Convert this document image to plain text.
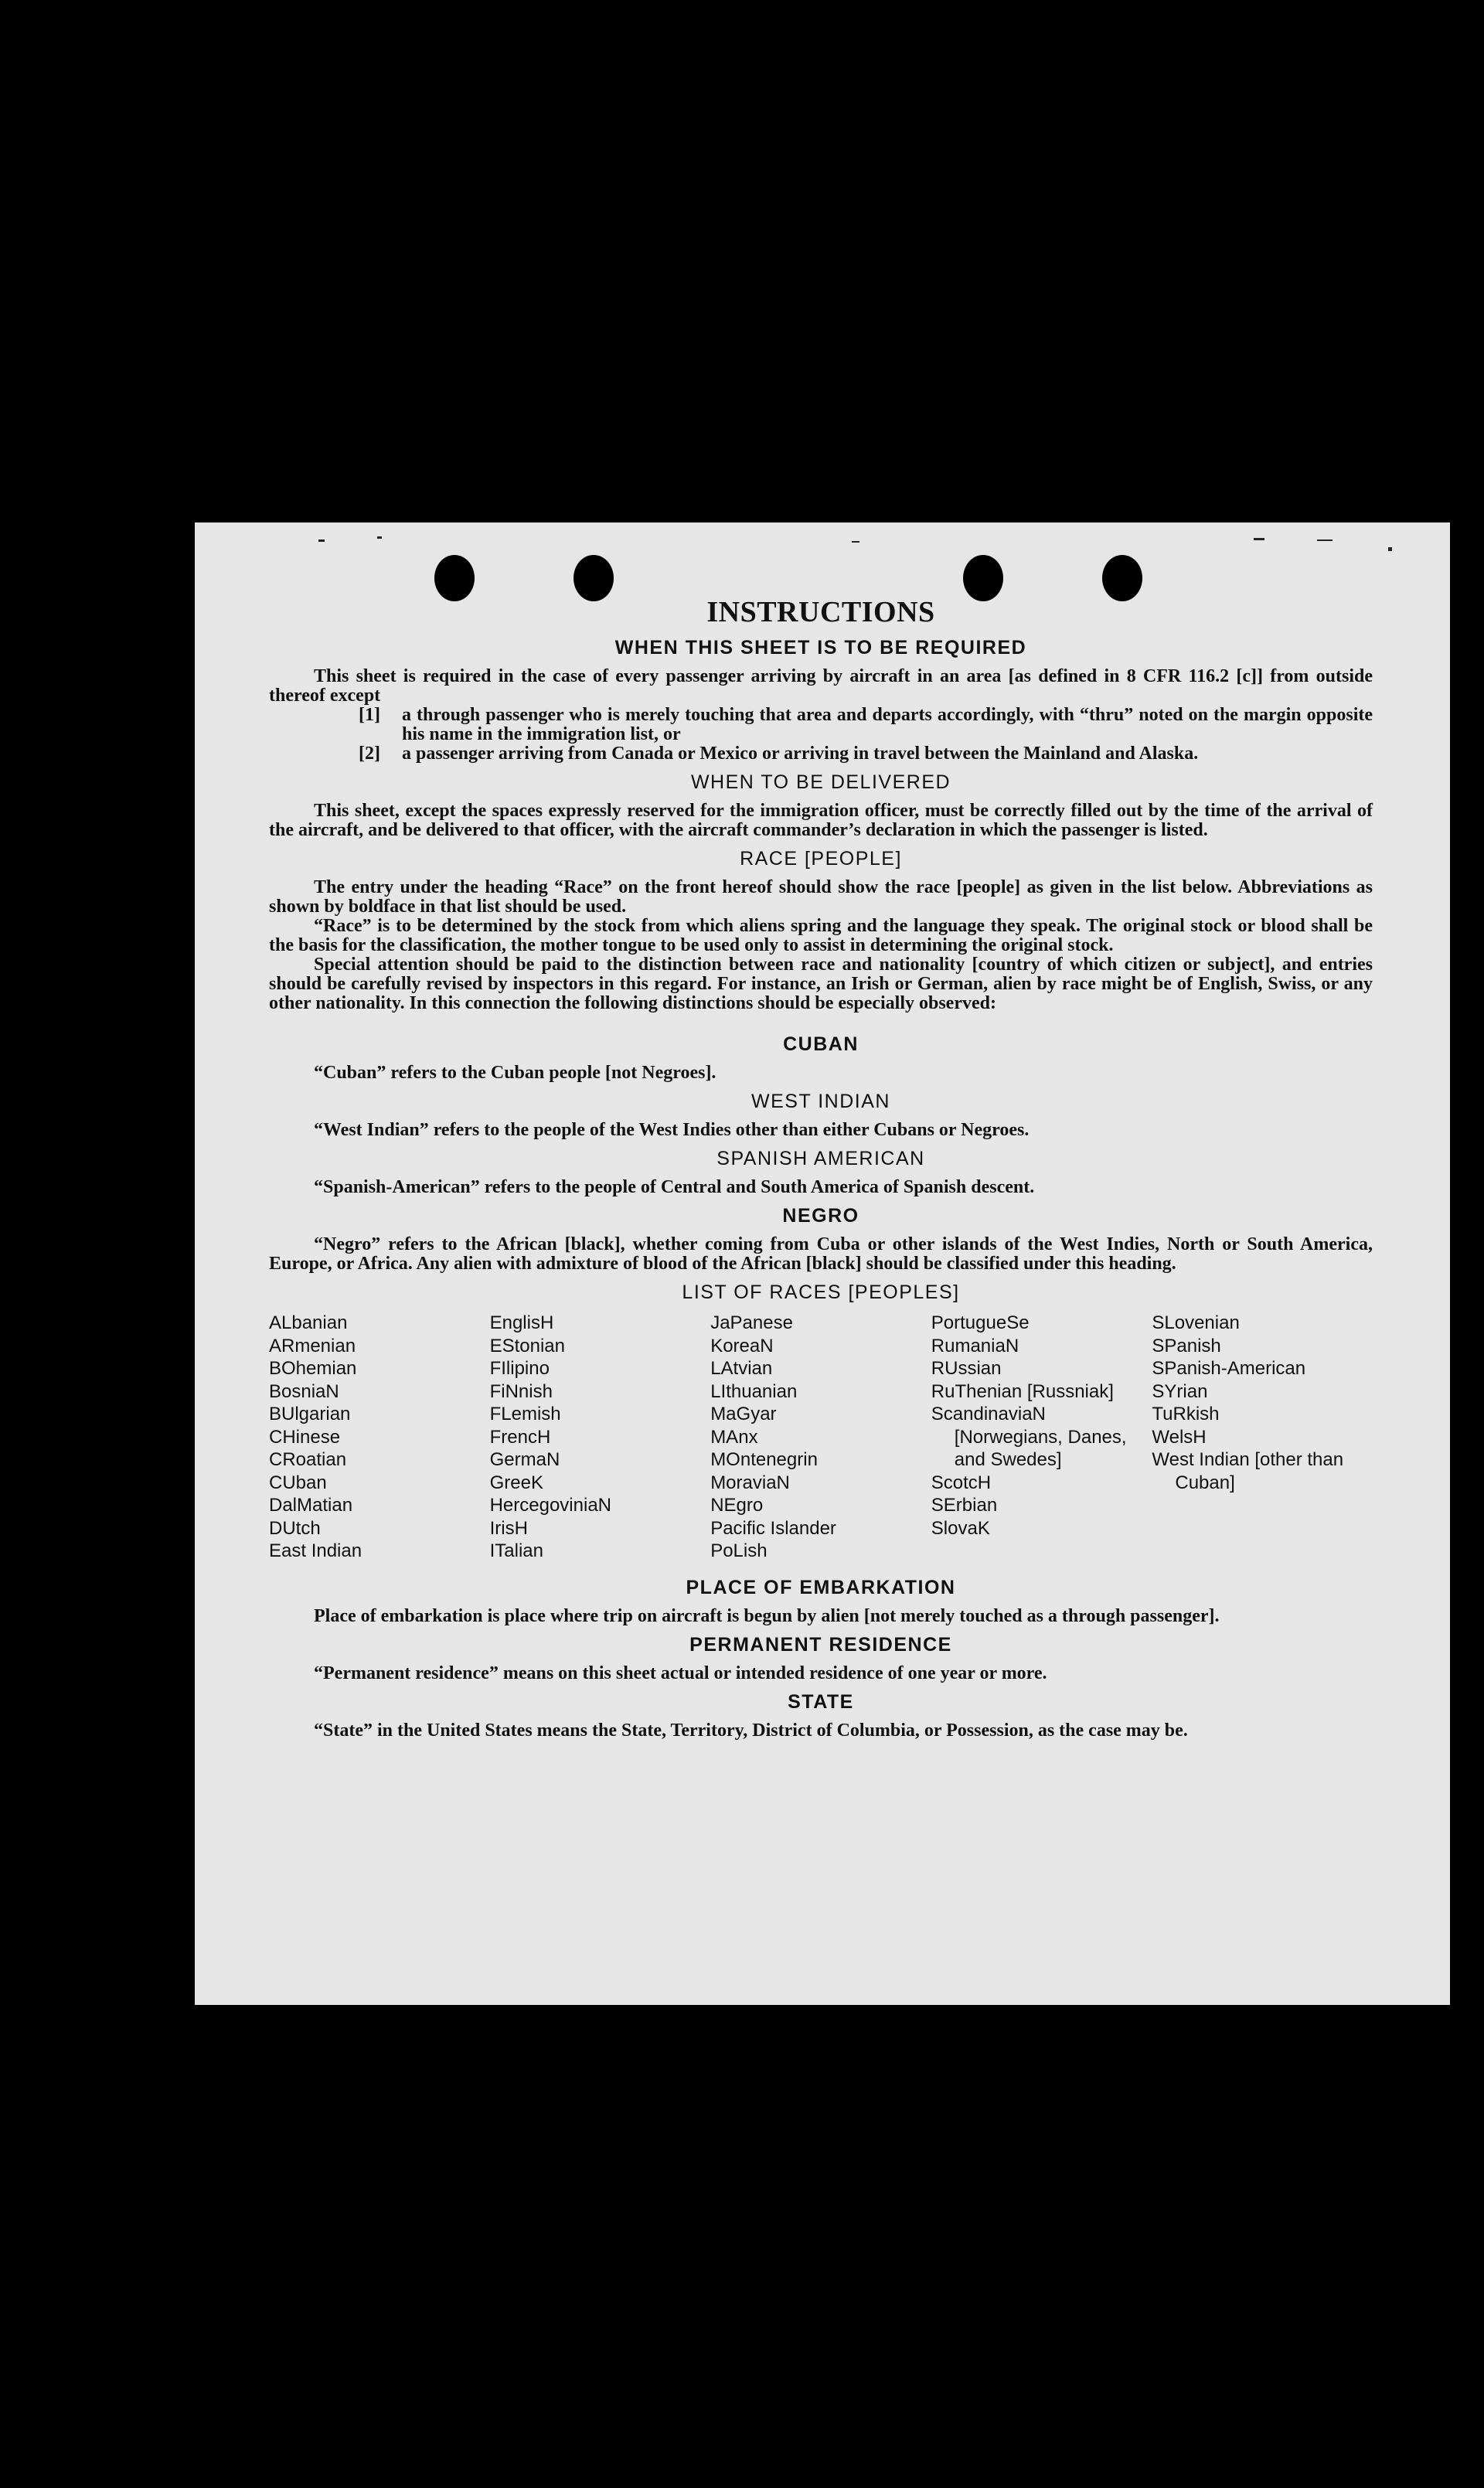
INSTRUCTIONS
WHEN THIS SHEET IS TO BE REQUIRED

This sheet is required in the case of every passenger arriving by aircraft in an area [as defined in 8 CFR 116.2 [c]] from outside thereof except

[1] a through passenger who is merely touching that area and departs accordingly, with “thru” noted on the margin opposite his name in the immigration list, or
[2] a passenger arriving from Canada or Mexico or arriving in travel between the Mainland and Alaska.
WHEN TO BE DELIVERED

This sheet, except the spaces expressly reserved for the immigration officer, must be correctly filled out by the time of the arrival of the aircraft, and be delivered to that officer, with the aircraft commander’s declaration in which the passenger is listed.

RACE [PEOPLE]

The entry under the heading “Race” on the front hereof should show the race [people] as given in the list below. Abbreviations as shown by boldface in that list should be used.

“Race” is to be determined by the stock from which aliens spring and the language they speak. The original stock or blood shall be the basis for the classification, the mother tongue to be used only to assist in determining the original stock.

Special attention should be paid to the distinction between race and nationality [country of which citizen or subject], and entries should be carefully revised by inspectors in this regard. For instance, an Irish or German, alien by race might be of English, Swiss, or any other nationality. In this connection the following distinctions should be especially observed:

CUBAN

“Cuban” refers to the Cuban people [not Negroes].

WEST INDIAN

“West Indian” refers to the people of the West Indies other than either Cubans or Negroes.

SPANISH AMERICAN

“Spanish-American” refers to the people of Central and South America of Spanish descent.

NEGRO

“Negro” refers to the African [black], whether coming from Cuba or other islands of the West Indies, North or South America, Europe, or Africa. Any alien with admixture of blood of the African [black] should be classified under this heading.

LIST OF RACES [PEOPLES]
ALbanian
ARmenian
BOhemian
BosniaN
BUlgarian
CHinese
CRoatian
CUban
DalMatian
DUtch
East Indian
EnglisH
EStonian
FIlipino
FiNnish
FLemish
FrencH
GermaN
GreeK
HercegoviniaN
IrisH
ITalian
JaPanese
KoreaN
LAtvian
LIthuanian
MaGyar
MAnx
MOntenegrin
MoraviaN
NEgro
Pacific Islander
PoLish
PortugueSe
RumaniaN
RUssian
RuThenian [Russniak]
ScandinaviaN [Norwegians, Danes, and Swedes]
ScotcH
SErbian
SlovaK
SLovenian
SPanish
SPanish-American
SYrian
TuRkish
WelsH
West Indian [other than Cuban]
PLACE OF EMBARKATION

Place of embarkation is place where trip on aircraft is begun by alien [not merely touched as a through passenger].

PERMANENT RESIDENCE

“Permanent residence” means on this sheet actual or intended residence of one year or more.

STATE

“State” in the United States means the State, Territory, District of Columbia, or Possession, as the case may be.
